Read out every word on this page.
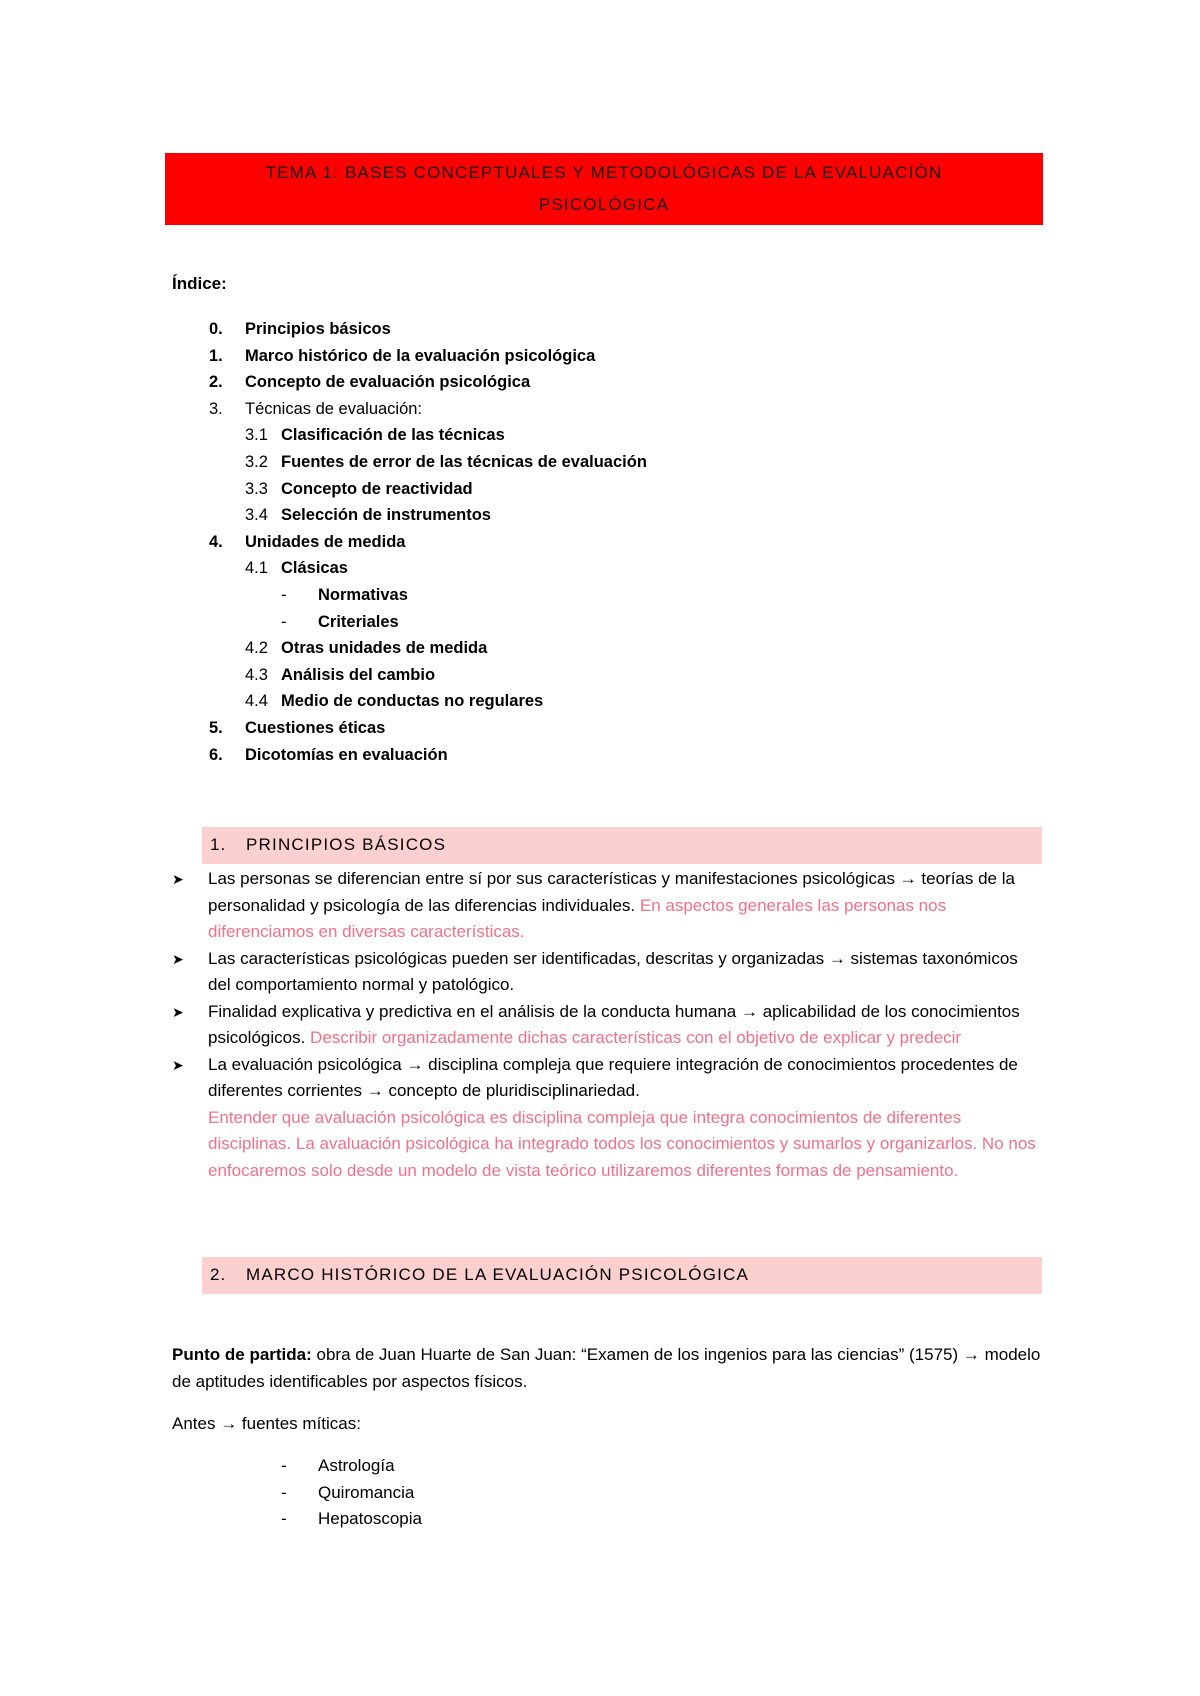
TEMA 1: BASES CONCEPTUALES Y METODOLÓGICAS DE LA EVALUACIÓN
PSICOLÓGICA
Índice:
0. Principios básicos
1. Marco histórico de la evaluación psicológica
2. Concepto de evaluación psicológica
3. Técnicas de evaluación:
3.1 Clasificación de las técnicas
3.2 Fuentes de error de las técnicas de evaluación
3.3 Concepto de reactividad
3.4 Selección de instrumentos
4. Unidades de medida
4.1 Clásicas
- Normativas
- Criteriales
4.2 Otras unidades de medida
4.3 Análisis del cambio
4.4 Medio de conductas no regulares
5. Cuestiones éticas
6. Dicotomías en evaluación
1. PRINCIPIOS BÁSICOS
➤ Las personas se diferencian entre sí por sus características y manifestaciones psicológicas → teorías de la personalidad y psicología de las diferencias individuales. En aspectos generales las personas nos diferenciamos en diversas características.
➤ Las características psicológicas pueden ser identificadas, descritas y organizadas → sistemas taxonómicos del comportamiento normal y patológico.
➤ Finalidad explicativa y predictiva en el análisis de la conducta humana → aplicabilidad de los conocimientos psicológicos. Describir organizadamente dichas características con el objetivo de explicar y predecir
➤ La evaluación psicológica → disciplina compleja que requiere integración de conocimientos procedentes de diferentes corrientes → concepto de pluridisciplinariedad.
Entender que avaluación psicológica es disciplina compleja que integra conocimientos de diferentes disciplinas. La avaluación psicológica ha integrado todos los conocimientos y sumarlos y organizarlos. No nos enfocaremos solo desde un modelo de vista teórico utilizaremos diferentes formas de pensamiento.
2. MARCO HISTÓRICO DE LA EVALUACIÓN PSICOLÓGICA
Punto de partida: obra de Juan Huarte de San Juan: “Examen de los ingenios para las ciencias” (1575) → modelo de aptitudes identificables por aspectos físicos.
Antes → fuentes míticas:
- Astrología
- Quiromancia
- Hepatoscopia
